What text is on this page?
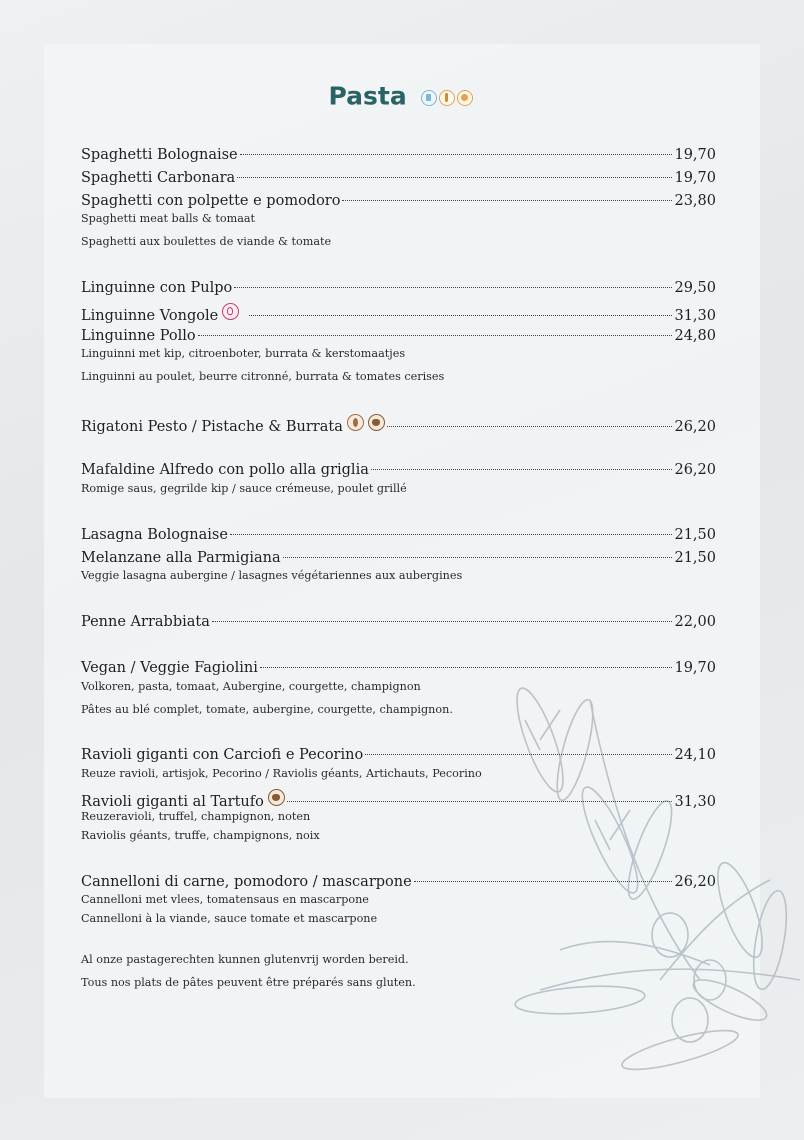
Pasta
Spaghetti Bolognaise	19,70
Spaghetti Carbonara	19,70
Spaghetti con polpette e pomodoro	23,80
Spaghetti meat balls & tomaat
Spaghetti aux boulettes de viande & tomate
Linguinne con Pulpo	29,50
Linguinne Vongole	31,30
Linguinne Pollo	24,80
Linguinni met kip, citroenboter, burrata & kerstomaatjes
Linguinni au poulet, beurre citronné, burrata & tomates cerises
Rigatoni Pesto / Pistache & Burrata	26,20
Mafaldine Alfredo con pollo alla griglia	26,20
Romige saus, gegrilde kip / sauce crémeuse, poulet grillé
Lasagna Bolognaise	21,50
Melanzane alla Parmigiana	21,50
Veggie lasagna aubergine / lasagnes végétariennes aux aubergines
Penne Arrabbiata	22,00
Vegan / Veggie Fagiolini	19,70
Volkoren, pasta, tomaat, Aubergine, courgette, champignon
Pâtes au blé complet, tomate, aubergine, courgette, champignon.
Ravioli giganti con Carciofi e Pecorino	24,10
Reuze ravioli, artisjok, Pecorino / Raviolis géants, Artichauts, Pecorino
Ravioli giganti al Tartufo	31,30
Reuzeravioli, truffel, champignon, noten
Raviolis géants, truffe, champignons, noix
Cannelloni di carne, pomodoro / mascarpone	26,20
Cannelloni met vlees, tomatensaus en mascarpone
Cannelloni à la viande, sauce tomate et mascarpone
Al onze pastagerechten kunnen glutenvrij worden bereid.
Tous nos plats de pâtes peuvent être préparés sans gluten.
